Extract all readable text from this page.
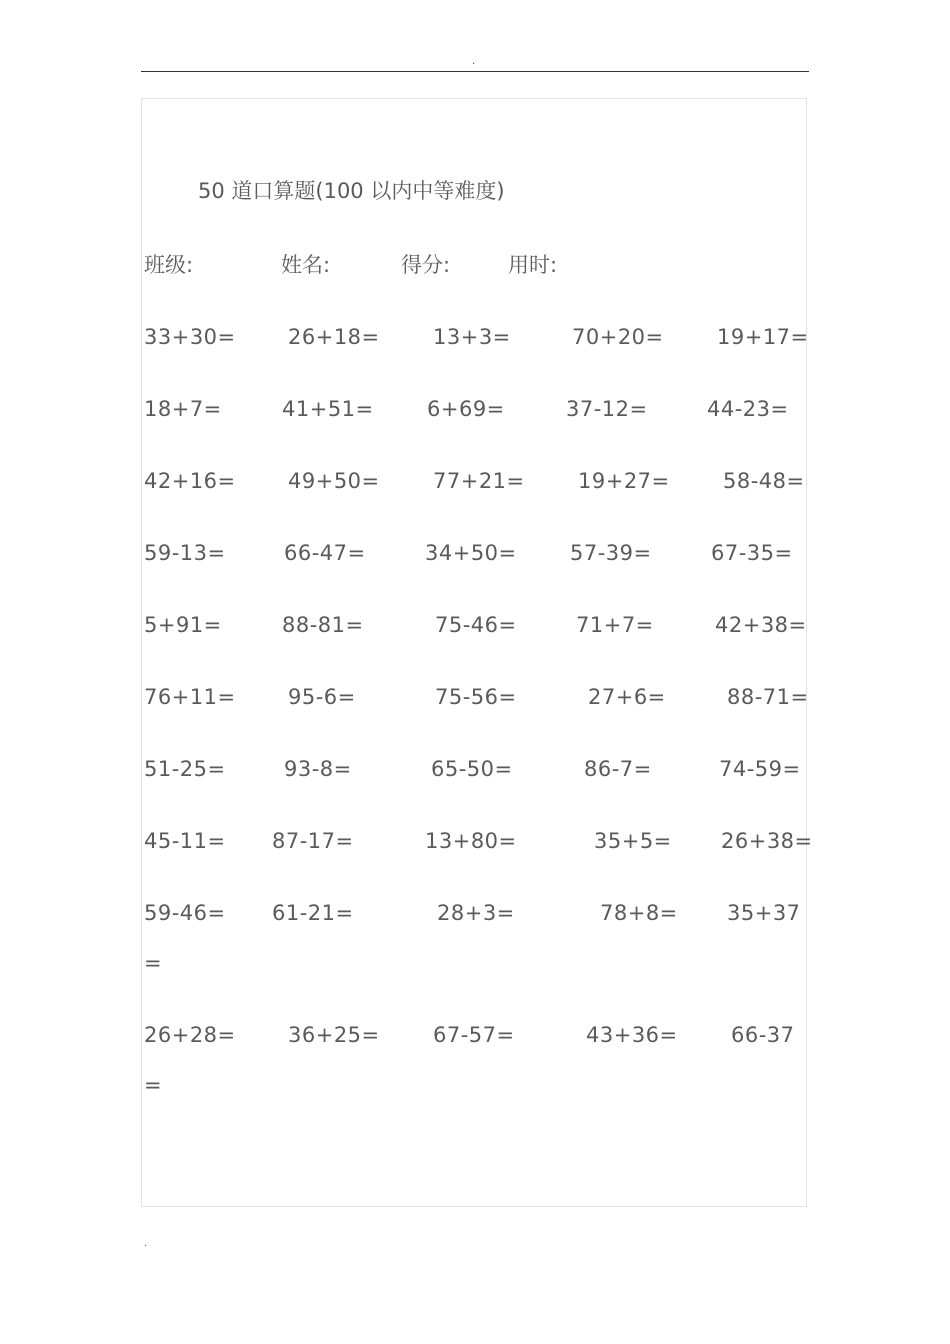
.
50 道口算题(100 以内中等难度)
班级:	姓名:	得分:	用时:
33+30= 26+18=	13+3=	70+20=	19+17=
18+7=	41+51=	6+69=	37-12=	44-23=
42+16= 49+50=	77+21=	19+27=	58-48=
59-13=	66-47=	34+50=	57-39=	67-35=
5+91=	88-81=	75-46=	71+7=	42+38=
76+11= 95-6=	75-56=	27+6=	88-71=
51-25=	93-8=	65-50=	86-7=	74-59=
45-11= 87-17=	13+80=	35+5= 26+38=
59-46= 61-21=	28+3=	78+8= 35+37
=
26+28= 36+25=	67-57=	43+36=	66-37
=
.
